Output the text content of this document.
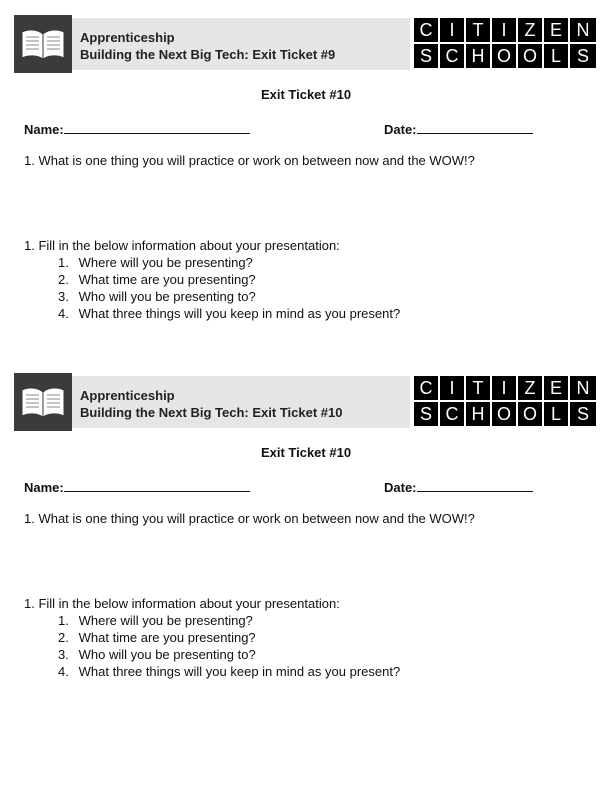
Apprenticeship
Building the Next Big Tech: Exit Ticket #9
C I	T I	Z E N
S C H O O L S
Exit Ticket #10
Name:	Date:
1. What is one thing you will practice or work on between now and the WOW!?
1. Fill in the below information about your presentation:
1. Where will you be presenting?
2. What time are you presenting?
3. Who will you be presenting to?
4. What three things will you keep in mind as you present?
Apprenticeship
Building the Next Big Tech: Exit Ticket #10
C I	T I	Z E N
S C H O O L S
Exit Ticket #10
Name:	Date:
1. What is one thing you will practice or work on between now and the WOW!?
1. Fill in the below information about your presentation:
1. Where will you be presenting?
2. What time are you presenting?
3. Who will you be presenting to?
4. What three things will you keep in mind as you present?
